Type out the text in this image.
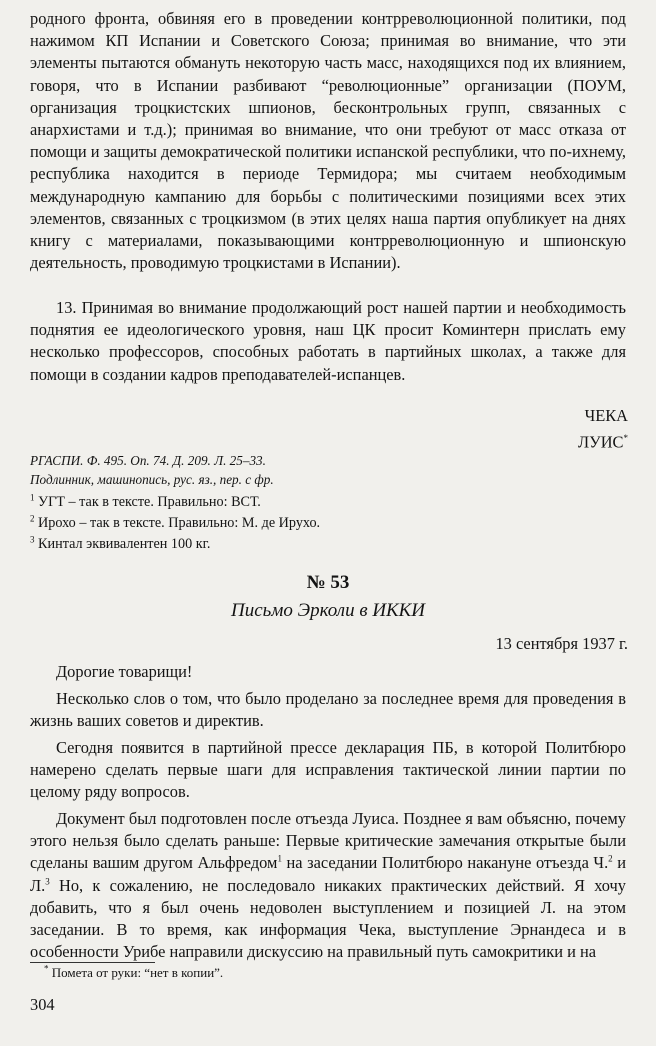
родного фронта, обвиняя его в проведении контрреволюционной политики, под нажимом КП Испании и Советского Союза; принимая во внимание, что эти элементы пытаются обмануть некоторую часть масс, находящихся под их влиянием, говоря, что в Испании разбивают “революционные” организации (ПОУМ, организация троцкистских шпионов, бесконтрольных групп, связанных с анархистами и т.д.); принимая во внимание, что они требуют от масс отказа от помощи и защиты демократической политики испанской республики, что по-ихнему, республика находится в периоде Термидора; мы считаем необходимым международную кампанию для борьбы с политическими позициями всех этих элементов, связанных с троцкизмом (в этих целях наша партия опубликует на днях книгу с материалами, показывающими контрреволюционную и шпионскую деятельность, проводимую троцкистами в Испании).

13. Принимая во внимание продолжающий рост нашей партии и необходимость поднятия ее идеологического уровня, наш ЦК просит Коминтерн прислать ему несколько профессоров, способных работать в партийных школах, а также для помощи в создании кадров преподавателей-испанцев.

ЧЕКА
ЛУИС*
РГАСПИ. Ф. 495. Оп. 74. Д. 209. Л. 25–33.
Подлинник, машинопись, рус. яз., пер. с фр.
$^1$ УГТ – так в тексте. Правильно: ВСТ.
$^2$ Ирохо – так в тексте. Правильно: М. де Ирухо.
$^3$ Кинтал эквивалентен 100 кг.
№ 53
Письмо Эрколи в ИККИ
13 сентября 1937 г.

Дорогие товарищи!

Несколько слов о том, что было проделано за последнее время для проведения в жизнь ваших советов и директив.

Сегодня появится в партийной прессе декларация ПБ, в которой Политбюро намерено сделать первые шаги для исправления тактической линии партии по целому ряду вопросов.

Документ был подготовлен после отъезда Луиса. Позднее я вам объясню, почему этого нельзя было сделать раньше: Первые критические замечания открытые были сделаны вашим другом Альфредом$^1$ на заседании Политбюро накануне отъезда Ч.$^2$ и Л.$^3$ Но, к сожалению, не последовало никаких практических действий. Я хочу добавить, что я был очень недоволен выступлением и позицией Л. на этом заседании. В то время, как информация Чека, выступление Эрнандеса и в особенности Урибе направили дискуссию на правильный путь самокритики и на

* Пометa от руки: “нет в копии”.
304
